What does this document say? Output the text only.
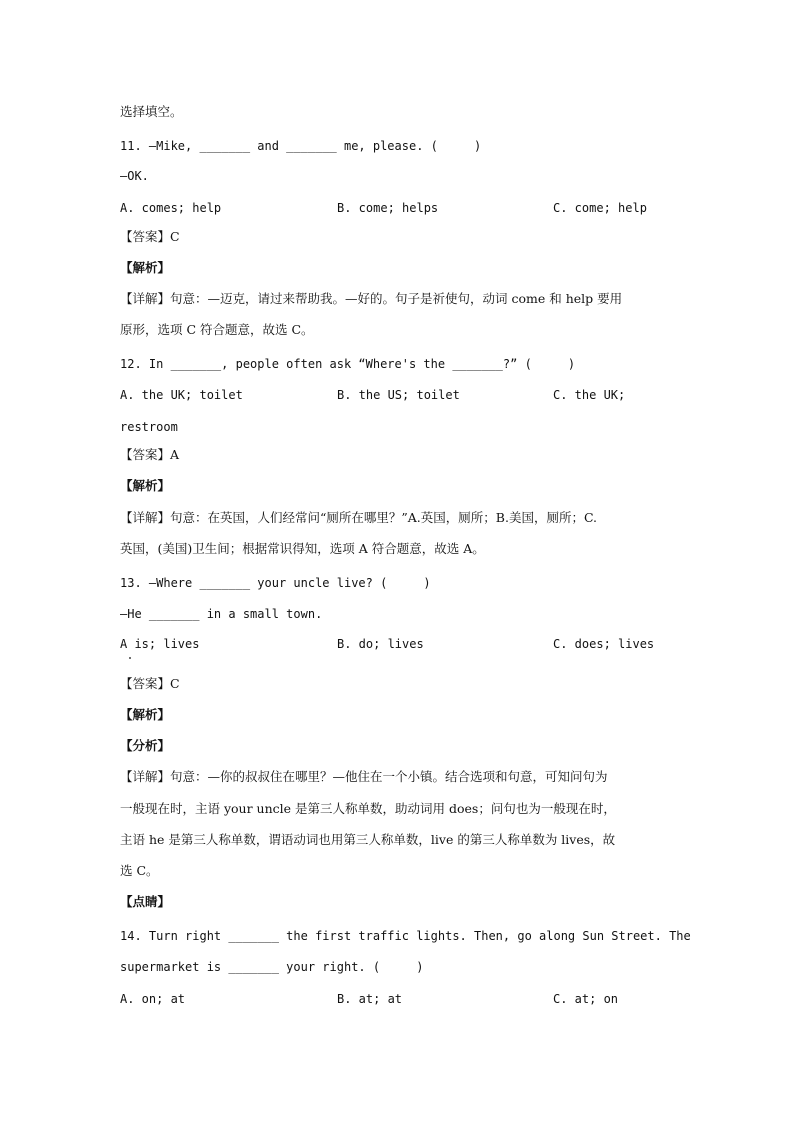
选择填空。
11. —Mike, _______ and _______ me, please. (     )
—OK.
A. comes; help	B. come; helps	C. come; help
【答案】C
【解析】
【详解】句意：—迈克，请过来帮助我。—好的。句子是祈使句，动词 come 和 help 要用
原形，选项 C 符合题意，故选 C。
12. In _______, people often ask “Where's the _______?” (     )
A. the UK; toilet	B. the US; toilet	C. the UK;
restroom
【答案】A
【解析】
【详解】句意：在英国，人们经常问“厕所在哪里？”A.英国，厕所；B.美国，厕所；C.
英国，(美国)卫生间；根据常识得知，选项 A 符合题意，故选 A。
13. —Where _______ your uncle live? (     )
—He _______ in a small town.
A is; lives	B. do; lives	C. does; lives
【答案】C
【解析】
【分析】
【详解】句意：—你的叔叔住在哪里？—他住在一个小镇。结合选项和句意，可知问句为
一般现在时，主语 your uncle 是第三人称单数，助动词用 does；问句也为一般现在时，
主语 he 是第三人称单数，谓语动词也用第三人称单数，live 的第三人称单数为 lives，故
选 C。
【点睛】
14. Turn right _______ the first traffic lights. Then, go along Sun Street. The
supermarket is _______ your right. (     )
A. on; at	B. at; at	C. at; on
